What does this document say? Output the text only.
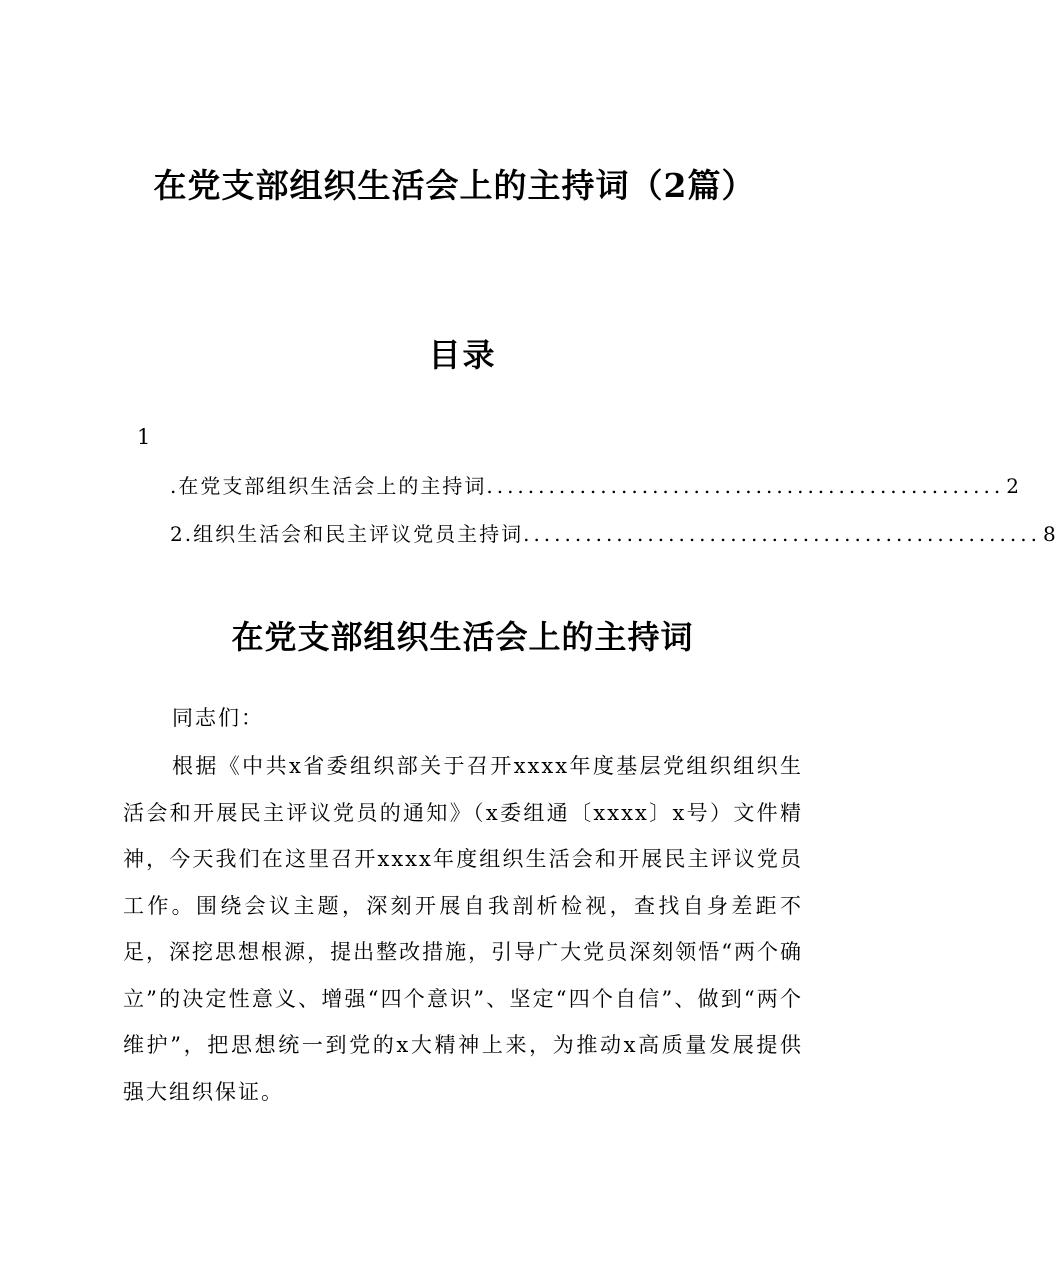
在党支部组织生活会上的主持词（2篇）
目录
1
.在党支部组织生活会上的主持词 .................................................. 2
2.组织生活会和民主评议党员主持词 .................................................. 8
在党支部组织生活会上的主持词
同志们：
根据《中共x省委组织部关于召开xxxx年度基层党组织组织生活会和开展民主评议党员的通知》（x委组通〔xxxx〕x号）文件精神，今天我们在这里召开xxxx年度组织生活会和开展民主评议党员工作。围绕会议主题，深刻开展自我剖析检视，查找自身差距不足，深挖思想根源，提出整改措施，引导广大党员深刻领悟“两个确立”的决定性意义、增强“四个意识”、坚定“四个自信”、做到“两个维护”，把思想统一到党的x大精神上来，为推动x高质量发展提供强大组织保证。
